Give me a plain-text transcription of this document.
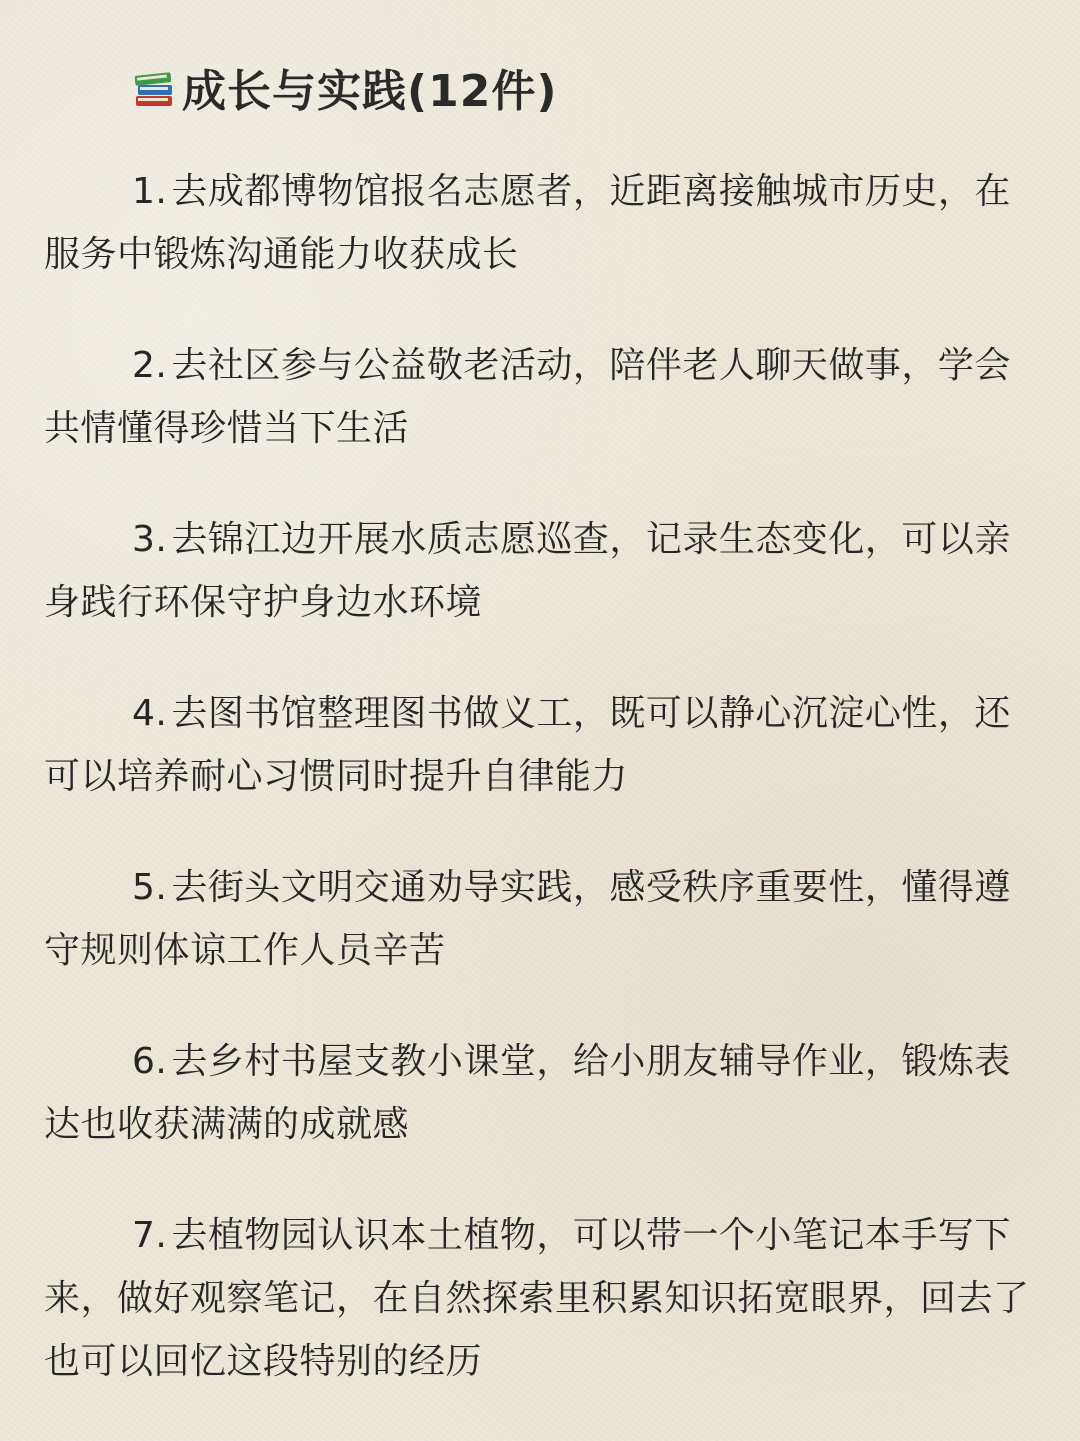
成长与实践(12件)

1. 去成都博物馆报名志愿者，近距离接触城市历史，在服务中锻炼沟通能力收获成长

2. 去社区参与公益敬老活动，陪伴老人聊天做事，学会共情懂得珍惜当下生活

3. 去锦江边开展水质志愿巡查，记录生态变化，可以亲身践行环保守护身边水环境

4. 去图书馆整理图书做义工，既可以静心沉淀心性，还可以培养耐心习惯同时提升自律能力

5. 去街头文明交通劝导实践，感受秩序重要性，懂得遵守规则体谅工作人员辛苦

6. 去乡村书屋支教小课堂，给小朋友辅导作业，锻炼表达也收获满满的成就感

7. 去植物园认识本土植物，可以带一个小笔记本手写下来，做好观察笔记，在自然探索里积累知识拓宽眼界，回去了也可以回忆这段特别的经历
